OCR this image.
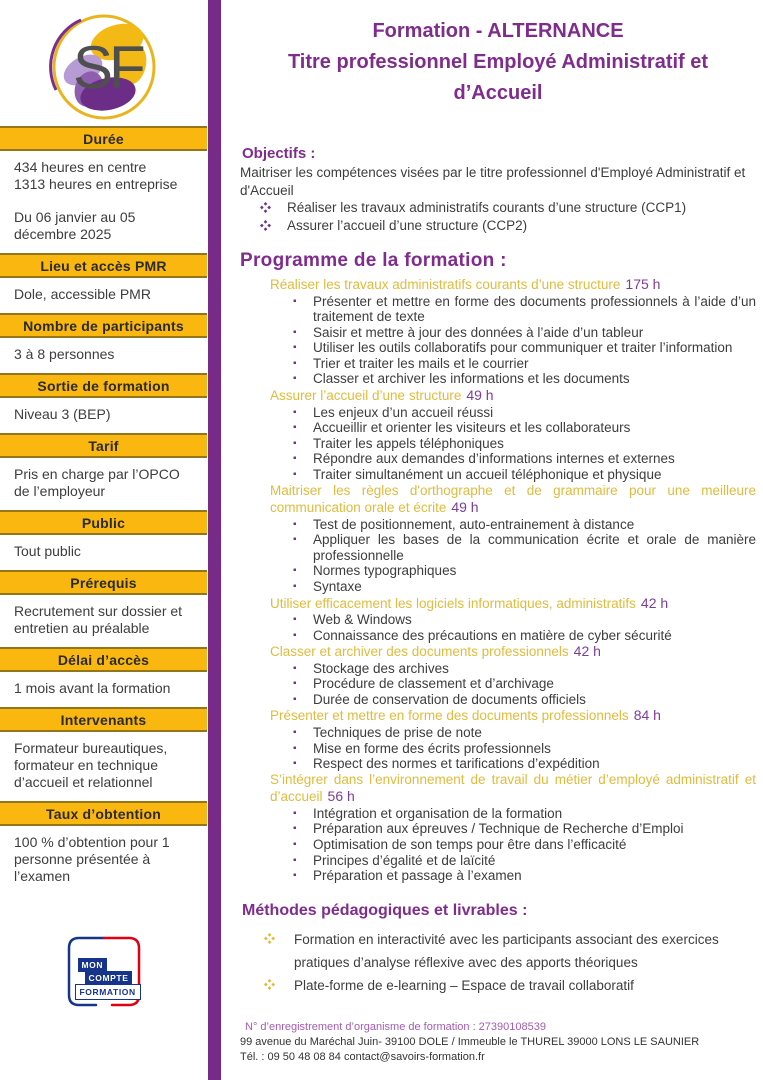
SF
Durée
434 heures en centre
1313 heures en entreprise
Du 06 janvier au 05 décembre 2025
Lieu et accès PMR
Dole, accessible PMR
Nombre de participants
3 à 8 personnes
Sortie de formation
Niveau 3 (BEP)
Tarif
Pris en charge par l’OPCO de l’employeur
Public
Tout public
Prérequis
Recrutement sur dossier et entretien au préalable
Délai d’accès
1 mois avant la formation
Intervenants
Formateur bureautiques, formateur en technique d’accueil et relationnel
Taux d’obtention
100 % d’obtention pour 1 personne présentée à l’examen
MON
COMPTE
FORMATION
Formation - ALTERNANCE
Titre professionnel Employé Administratif et
d’Accueil
Objectifs :
Maitriser les compétences visées par le titre professionnel d'Employé Administratif et d'Accueil
Réaliser les travaux administratifs courants d’une structure (CCP1)
Assurer l’accueil d’une structure (CCP2)
Programme de la formation :
Réaliser les travaux administratifs courants d’une structure 175 h
▪	Présenter et mettre en forme des documents professionnels à l’aide d’un traitement de texte
▪	Saisir et mettre à jour des données à l’aide d’un tableur
▪	Utiliser les outils collaboratifs pour communiquer et traiter l’information
▪	Trier et traiter les mails et le courrier
▪	Classer et archiver les informations et les documents
Assurer l’accueil d’une structure 49 h
▪	Les enjeux d’un accueil réussi
▪	Accueillir et orienter les visiteurs et les collaborateurs
▪	Traiter les appels téléphoniques
▪	Répondre aux demandes d’informations internes et externes
▪	Traiter simultanément un accueil téléphonique et physique
Maitriser les règles d'orthographe et de grammaire pour une meilleure communication orale et écrite 49 h
▪	Test de positionnement, auto-entrainement à distance
▪	Appliquer les bases de la communication écrite et orale de manière professionnelle
▪	Normes typographiques
▪	Syntaxe
Utiliser efficacement les logiciels informatiques, administratifs 42 h
▪	Web & Windows
▪	Connaissance des précautions en matière de cyber sécurité
Classer et archiver des documents professionnels 42 h
▪	Stockage des archives
▪	Procédure de classement et d’archivage
▪	Durée de conservation de documents officiels
Présenter et mettre en forme des documents professionnels 84 h
▪	Techniques de prise de note
▪	Mise en forme des écrits professionnels
▪	Respect des normes et tarifications d’expédition
S’intégrer dans l’environnement de travail du métier d’employé administratif et d’accueil 56 h
▪	Intégration et organisation de la formation
▪	Préparation aux épreuves / Technique de Recherche d’Emploi
▪	Optimisation de son temps pour être dans l’efficacité
▪	Principes d’égalité et de laïcité
▪	Préparation et passage à l’examen
Méthodes pédagogiques et livrables :
Formation en interactivité avec les participants associant des exercices pratiques d’analyse réflexive avec des apports théoriques
Plate-forme de e-learning – Espace de travail collaboratif
N° d’enregistrement d’organisme de formation : 27390108539
99 avenue du Maréchal Juin- 39100 DOLE / Immeuble le THUREL 39000 LONS LE SAUNIER
Tél. : 09 50 48 08 84 contact@savoirs-formation.fr
